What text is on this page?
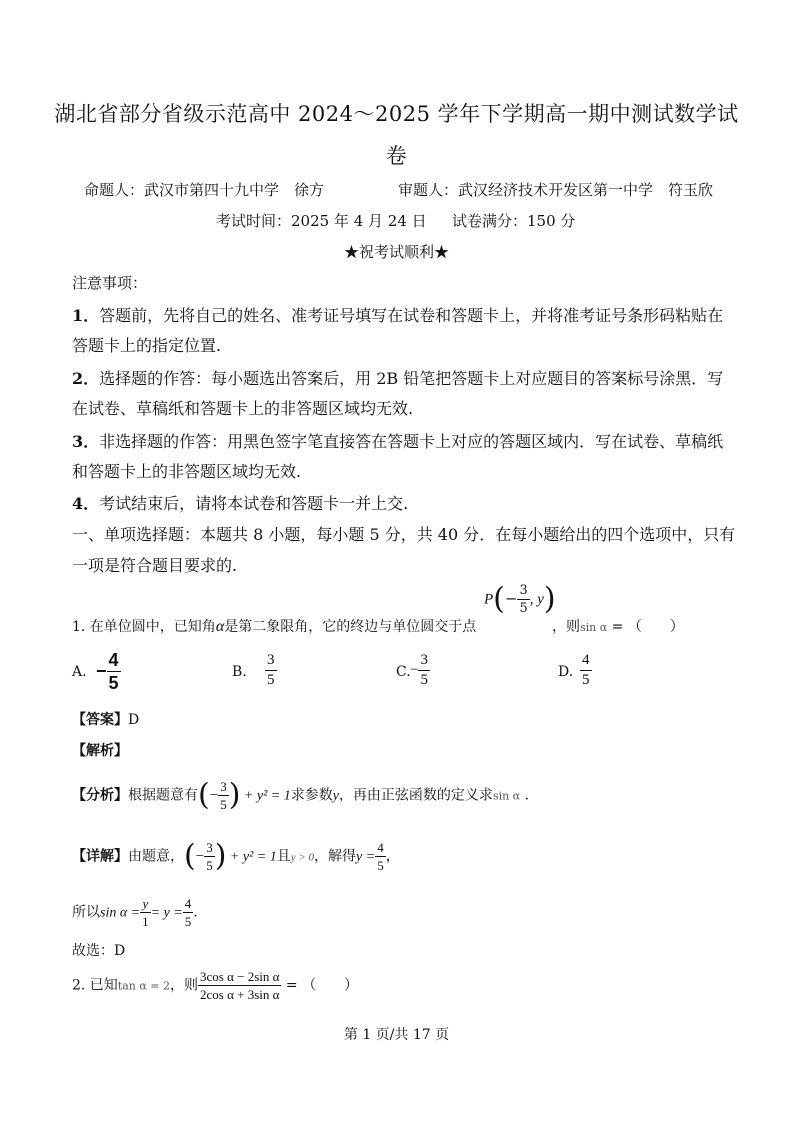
湖北省部分省级示范高中 2024～2025 学年下学期高一期中测试数学试
卷
命题人：武汉市第四十九中学　徐方	审题人：武汉经济技术开发区第一中学　符玉欣
考试时间：2025 年 4 月 24 日 试卷满分：150 分
★祝考试顺利★
注意事项：
1．答题前，先将自己的姓名、准考证号填写在试卷和答题卡上，并将准考证号条形码粘贴在
答题卡上的指定位置.
2．选择题的作答：每小题选出答案后，用 2B 铅笔把答题卡上对应题目的答案标号涂黑．写
在试卷、草稿纸和答题卡上的非答题区域均无效.
3．非选择题的作答：用黑色签字笔直接答在答题卡上对应的答题区域内．写在试卷、草稿纸
和答题卡上的非答题区域均无效.
4．考试结束后，请将本试卷和答题卡一并上交.
一、单项选择题：本题共 8 小题，每小题 5 分，共 40 分．在每小题给出的四个选项中，只有
一项是符合题目要求的.
1. 在单位圆中，已知角α是第二象限角，它的终边与单位圆交于点
$P(- \frac{3}{5}$ , y)
，则sin α = （　　）
A. − $\frac{4}{5}$	B. $\frac{3}{5}$	C. − $\frac{3}{5}$	D. $\frac{4}{5}$
【答案】D
【解析】
【分析】根据题意有(− $\frac{3}{5}$ ) + y² = 1求参数y，再由正弦函数的定义求sin α .
【详解】由题意，(− $\frac{3}{5}$ ) + y² = 1且y > 0，解得$y = \frac{4}{5}$ ，
所以$\sin \alpha = \frac{y}{1} = y = \frac{4}{5}$ .
故选：D
2. 已知tan α = 2，则 $\frac{\text{3cos α − 2sin α}}{\text{2cos α + 3sin α}}$ = （　　）
第 1 页/共 17 页
